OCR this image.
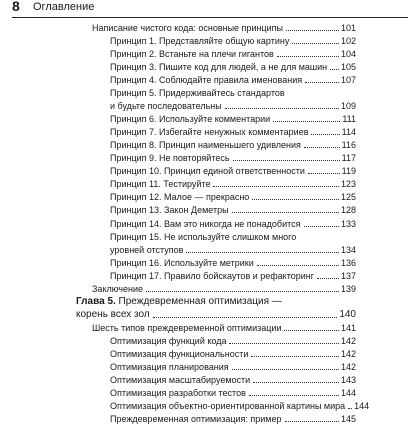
8 Оглавление
Написание чистого кода: основные принципы	101
Принцип 1. Представляйте общую картину	102
Принцип 2. Встаньте на плечи гигантов	104
Принцип 3. Пишите код для людей, а не для машин 105
Принцип 4. Соблюдайте правила именования	107
Принцип 5. Придерживайтесь стандартов
и будьте последовательны	109
Принцип 6. Используйте комментарии	111
Принцип 7. Избегайте ненужных комментариев	114
Принцип 8. Принцип наименьшего удивления	116
Принцип 9. Не повторяйтесь	117
Принцип 10. Принцип единой ответственности	119
Принцип 11. Тестируйте	123
Принцип 12. Малое — прекрасно	125
Принцип 13. Закон Деметры	128
Принцип 14. Вам это никогда не понадобится	133
Принцип 15. Не используйте слишком много
уровней отступов	134
Принцип 16. Используйте метрики	136
Принцип 17. Правило бойскаутов и рефакторинг	137
Заключение	139
Глава 5. Преждевременная оптимизация —
корень всех зол	140
Шесть типов преждевременной оптимизации	141
Оптимизация функций кода	142
Оптимизация функциональности	142
Оптимизация планирования	142
Оптимизация масштабируемости	143
Оптимизация разработки тестов	144
Оптимизация объектно-ориентированной картины мира 144
Преждевременная оптимизация: пример	145
